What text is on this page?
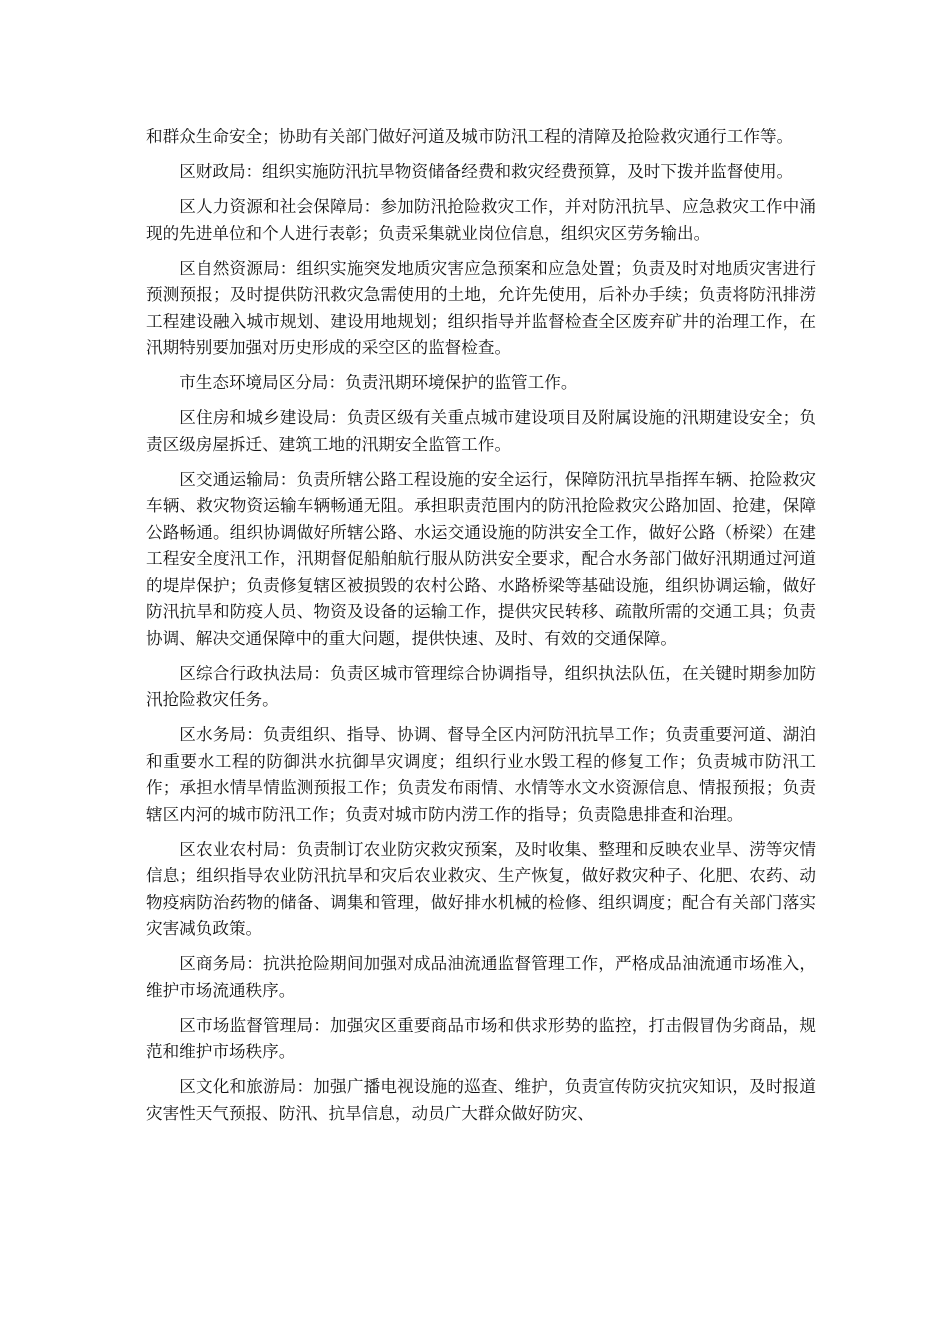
和群众生命安全；协助有关部门做好河道及城市防汛工程的清障及抢险救灾通行工作等。

区财政局：组织实施防汛抗旱物资储备经费和救灾经费预算，及时下拨并监督使用。

区人力资源和社会保障局：参加防汛抢险救灾工作，并对防汛抗旱、应急救灾工作中涌现的先进单位和个人进行表彰；负责采集就业岗位信息，组织灾区劳务输出。

区自然资源局：组织实施突发地质灾害应急预案和应急处置；负责及时对地质灾害进行预测预报；及时提供防汛救灾急需使用的土地，允许先使用，后补办手续；负责将防汛排涝工程建设融入城市规划、建设用地规划；组织指导并监督检查全区废弃矿井的治理工作，在汛期特别要加强对历史形成的采空区的监督检查。

市生态环境局区分局：负责汛期环境保护的监管工作。

区住房和城乡建设局：负责区级有关重点城市建设项目及附属设施的汛期建设安全；负责区级房屋拆迁、建筑工地的汛期安全监管工作。

区交通运输局：负责所辖公路工程设施的安全运行，保障防汛抗旱指挥车辆、抢险救灾车辆、救灾物资运输车辆畅通无阻。承担职责范围内的防汛抢险救灾公路加固、抢建，保障公路畅通。组织协调做好所辖公路、水运交通设施的防洪安全工作，做好公路（桥梁）在建工程安全度汛工作，汛期督促船舶航行服从防洪安全要求，配合水务部门做好汛期通过河道的堤岸保护；负责修复辖区被损毁的农村公路、水路桥梁等基础设施，组织协调运输，做好防汛抗旱和防疫人员、物资及设备的运输工作，提供灾民转移、疏散所需的交通工具；负责协调、解决交通保障中的重大问题，提供快速、及时、有效的交通保障。

区综合行政执法局：负责区城市管理综合协调指导，组织执法队伍，在关键时期参加防汛抢险救灾任务。

区水务局：负责组织、指导、协调、督导全区内河防汛抗旱工作；负责重要河道、湖泊和重要水工程的防御洪水抗御旱灾调度；组织行业水毁工程的修复工作；负责城市防汛工作；承担水情旱情监测预报工作；负责发布雨情、水情等水文水资源信息、情报预报；负责辖区内河的城市防汛工作；负责对城市防内涝工作的指导；负责隐患排查和治理。

区农业农村局：负责制订农业防灾救灾预案，及时收集、整理和反映农业旱、涝等灾情信息；组织指导农业防汛抗旱和灾后农业救灾、生产恢复，做好救灾种子、化肥、农药、动物疫病防治药物的储备、调集和管理，做好排水机械的检修、组织调度；配合有关部门落实灾害减负政策。

区商务局：抗洪抢险期间加强对成品油流通监督管理工作，严格成品油流通市场准入，维护市场流通秩序。

区市场监督管理局：加强灾区重要商品市场和供求形势的监控，打击假冒伪劣商品，规范和维护市场秩序。

区文化和旅游局：加强广播电视设施的巡查、维护，负责宣传防灾抗灾知识，及时报道灾害性天气预报、防汛、抗旱信息，动员广大群众做好防灾、
